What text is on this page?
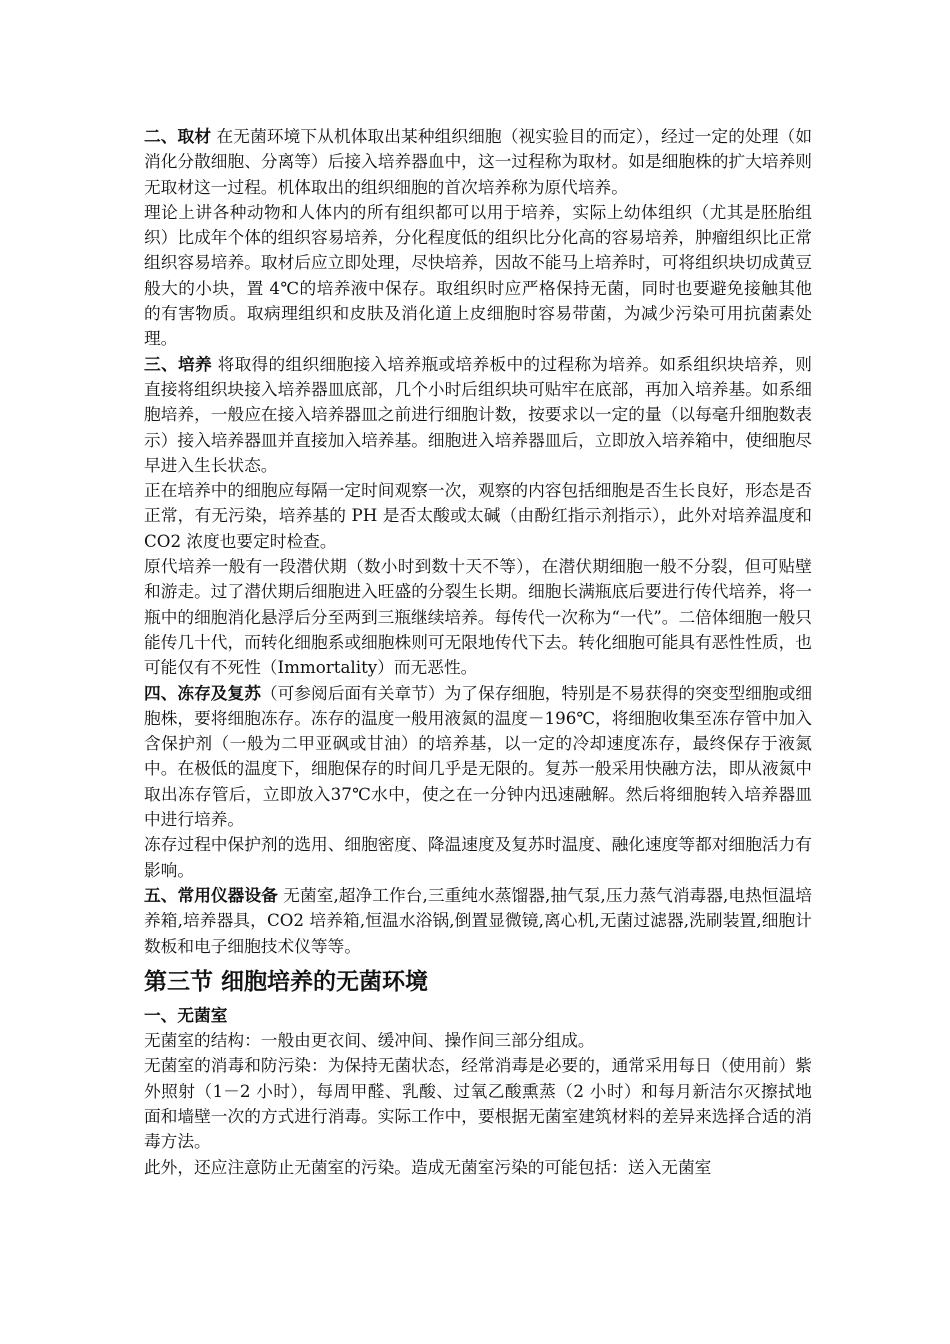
二、取材 在无菌环境下从机体取出某种组织细胞（视实验目的而定），经过一定的处理（如消化分散细胞、分离等）后接入培养器血中，这一过程称为取材。如是细胞株的扩大培养则无取材这一过程。机体取出的组织细胞的首次培养称为原代培养。

理论上讲各种动物和人体内的所有组织都可以用于培养，实际上幼体组织（尤其是胚胎组织）比成年个体的组织容易培养，分化程度低的组织比分化高的容易培养，肿瘤组织比正常组织容易培养。取材后应立即处理，尽快培养，因故不能马上培养时，可将组织块切成黄豆般大的小块，置 4℃的培养液中保存。取组织时应严格保持无菌，同时也要避免接触其他的有害物质。取病理组织和皮肤及消化道上皮细胞时容易带菌，为减少污染可用抗菌素处理。

三、培养 将取得的组织细胞接入培养瓶或培养板中的过程称为培养。如系组织块培养，则直接将组织块接入培养器皿底部，几个小时后组织块可贴牢在底部，再加入培养基。如系细胞培养，一般应在接入培养器皿之前进行细胞计数，按要求以一定的量（以每毫升细胞数表示）接入培养器皿并直接加入培养基。细胞进入培养器皿后，立即放入培养箱中，使细胞尽早进入生长状态。

正在培养中的细胞应每隔一定时间观察一次，观察的内容包括细胞是否生长良好，形态是否正常，有无污染，培养基的 PH 是否太酸或太碱（由酚红指示剂指示），此外对培养温度和 CO2 浓度也要定时检查。

原代培养一般有一段潜伏期（数小时到数十天不等），在潜伏期细胞一般不分裂，但可贴壁和游走。过了潜伏期后细胞进入旺盛的分裂生长期。细胞长满瓶底后要进行传代培养，将一瓶中的细胞消化悬浮后分至两到三瓶继续培养。每传代一次称为“一代”。二倍体细胞一般只能传几十代，而转化细胞系或细胞株则可无限地传代下去。转化细胞可能具有恶性性质，也可能仅有不死性（Immortality）而无恶性。

四、冻存及复苏（可参阅后面有关章节）为了保存细胞，特别是不易获得的突变型细胞或细胞株，要将细胞冻存。冻存的温度一般用液氮的温度－196℃，将细胞收集至冻存管中加入含保护剂（一般为二甲亚砜或甘油）的培养基，以一定的冷却速度冻存，最终保存于液氮中。在极低的温度下，细胞保存的时间几乎是无限的。复苏一般采用快融方法，即从液氮中取出冻存管后，立即放入37℃水中，使之在一分钟内迅速融解。然后将细胞转入培养器皿中进行培养。

冻存过程中保护剂的选用、细胞密度、降温速度及复苏时温度、融化速度等都对细胞活力有影响。

五、常用仪器设备 无菌室,超净工作台,三重纯水蒸馏器,抽气泵,压力蒸气消毒器,电热恒温培养箱,培养器具，CO2 培养箱,恒温水浴锅,倒置显微镜,离心机,无菌过滤器,洗刷装置,细胞计数板和电子细胞技术仪等等。

第三节 细胞培养的无菌环境
一、无菌室

无菌室的结构：一般由更衣间、缓冲间、操作间三部分组成。

无菌室的消毒和防污染：为保持无菌状态，经常消毒是必要的，通常采用每日（使用前）紫外照射（1－2 小时），每周甲醛、乳酸、过氧乙酸熏蒸（2 小时）和每月新洁尔灭擦拭地面和墙壁一次的方式进行消毒。实际工作中，要根据无菌室建筑材料的差异来选择合适的消毒方法。

此外，还应注意防止无菌室的污染。造成无菌室污染的可能包括：送入无菌室
